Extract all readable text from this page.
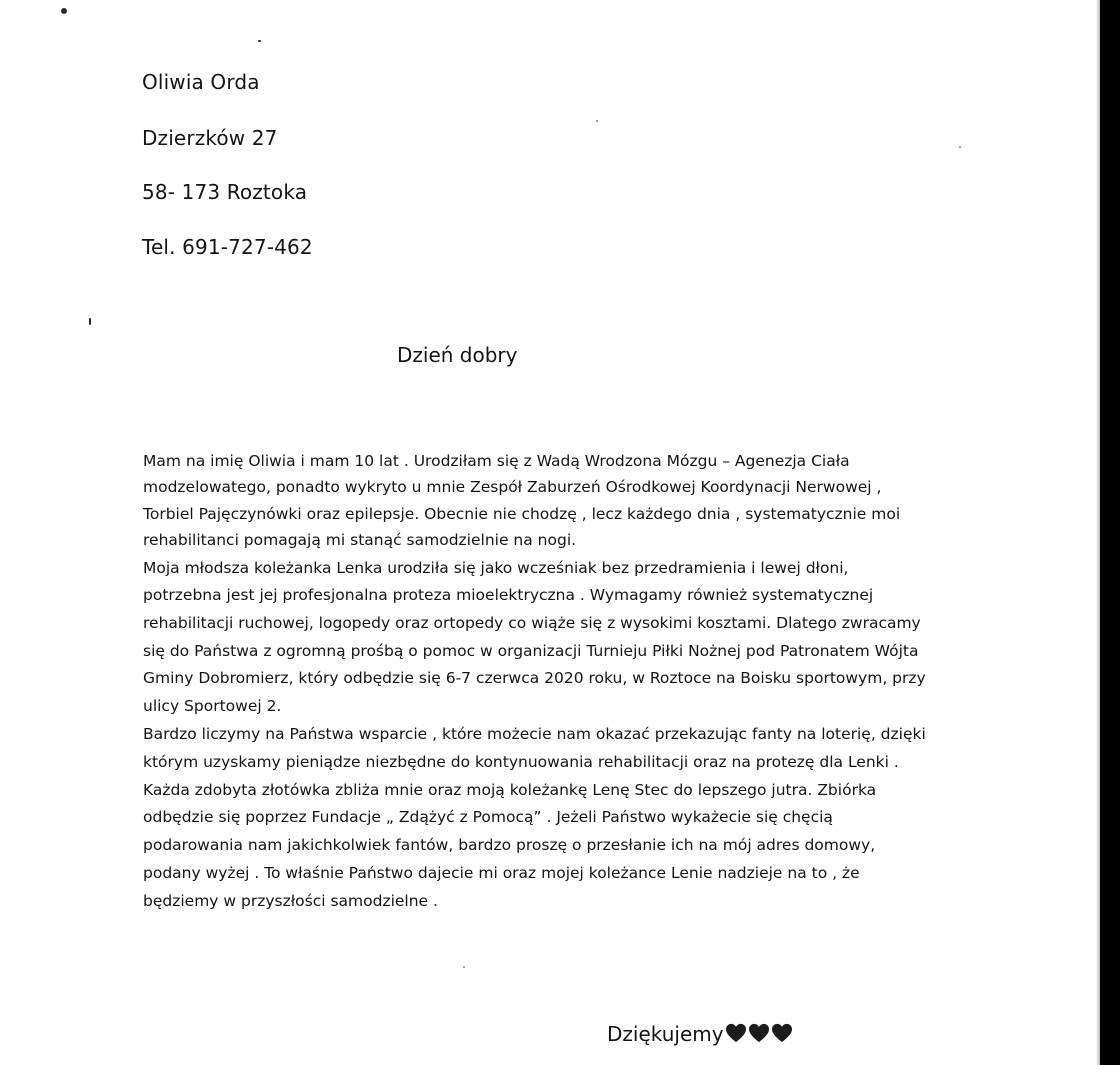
Oliwia Orda
Dzierzków 27
58- 173 Roztoka
Tel. 691-727-462
Dzień dobry
Mam na imię Oliwia i mam 10 lat . Urodziłam się z Wadą Wrodzona Mózgu – Agenezja Ciała
modzelowatego, ponadto wykryto u mnie Zespół Zaburzeń Ośrodkowej Koordynacji Nerwowej ,
Torbiel Pajęczynówki oraz epilepsje. Obecnie nie chodzę , lecz każdego dnia , systematycznie moi
rehabilitanci pomagają mi stanąć samodzielnie na nogi.
Moja młodsza koleżanka Lenka urodziła się jako wcześniak bez przedramienia i lewej dłoni,
potrzebna jest jej profesjonalna proteza mioelektryczna . Wymagamy również systematycznej
rehabilitacji ruchowej, logopedy oraz ortopedy co wiąże się z wysokimi kosztami. Dlatego zwracamy
się do Państwa z ogromną prośbą o pomoc w organizacji Turnieju Piłki Nożnej pod Patronatem Wójta
Gminy Dobromierz, który odbędzie się 6-7 czerwca 2020 roku, w Roztoce na Boisku sportowym, przy
ulicy Sportowej 2.
Bardzo liczymy na Państwa wsparcie , które możecie nam okazać przekazując fanty na loterię, dzięki
którym uzyskamy pieniądze niezbędne do kontynuowania rehabilitacji oraz na protezę dla Lenki .
Każda zdobyta złotówka zbliża mnie oraz moją koleżankę Lenę Stec do lepszego jutra. Zbiórka
odbędzie się poprzez Fundacje „ Zdążyć z Pomocą” . Jeżeli Państwo wykażecie się chęcią
podarowania nam jakichkolwiek fantów, bardzo proszę o przesłanie ich na mój adres domowy,
podany wyżej . To właśnie Państwo dajecie mi oraz mojej koleżance Lenie nadzieje na to , że
będziemy w przyszłości samodzielne .
Dziękujemy
